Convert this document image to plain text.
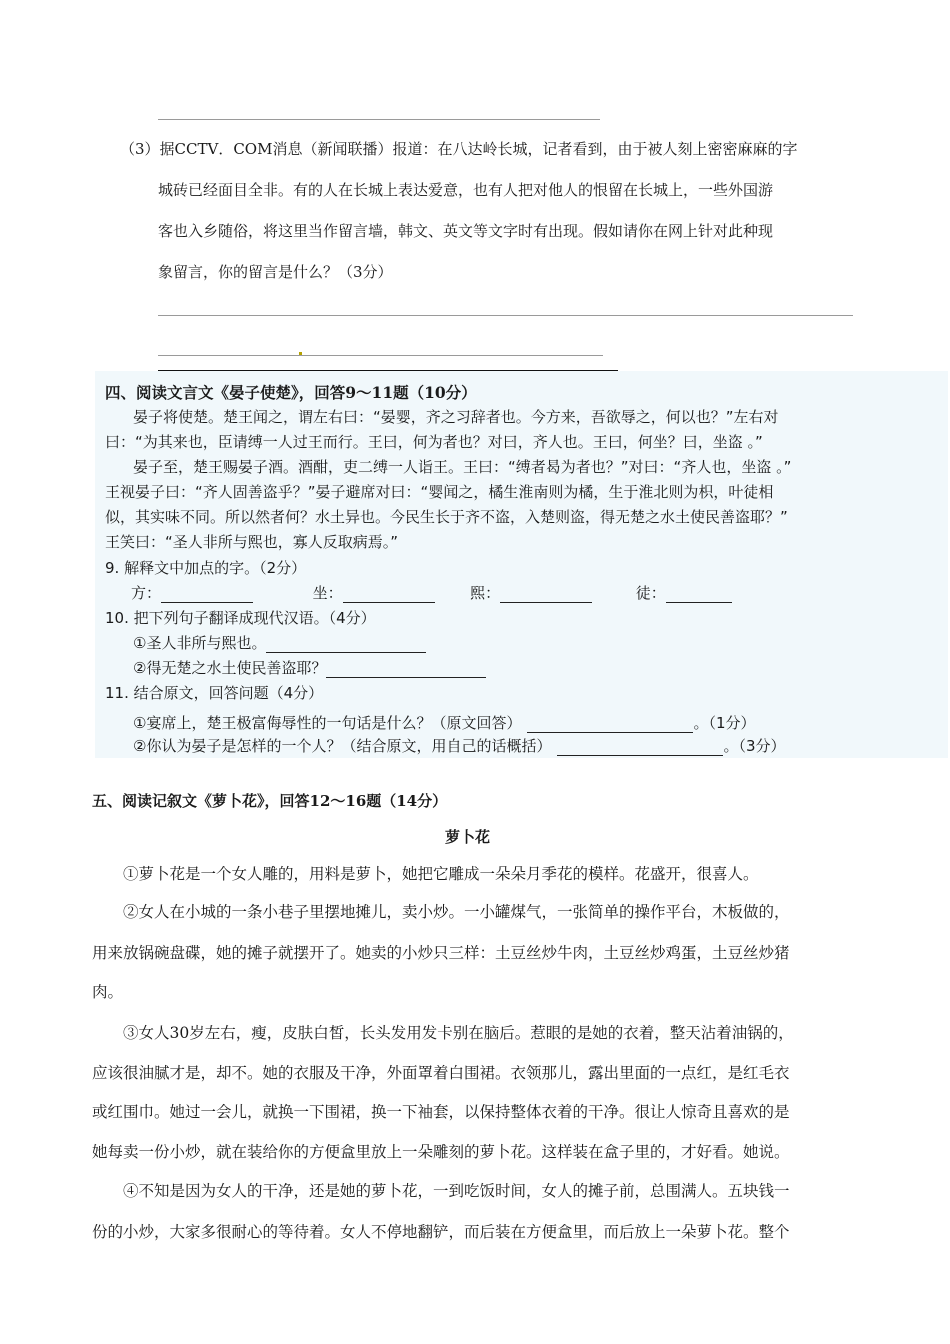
（3）据CCTV．COM消息（新闻联播）报道：在八达岭长城，记者看到，由于被人刻上密密麻麻的字
城砖已经面目全非。有的人在长城上表达爱意，也有人把对他人的恨留在长城上，一些外国游
客也入乡随俗，将这里当作留言墙，韩文、英文等文字时有出现。假如请你在网上针对此种现
象留言，你的留言是什么？（3分）
四、阅读文言文《晏子使楚》，回答9～11题（10分）
晏子将使楚。楚王闻之，谓左右曰：“晏婴，齐之习辞者也。今方来，吾欲辱之，何以也？”左右对
曰：“为其来也，臣请缚一人过王而行。王曰，何为者也？对曰，齐人也。王曰，何坐？曰，坐盗 。”
晏子至，楚王赐晏子酒。酒酣，吏二缚一人诣王。王曰：“缚者曷为者也？”对曰：“齐人也，坐盗 。”
王视晏子曰：“齐人固善盗乎？”晏子避席对曰：“婴闻之，橘生淮南则为橘，生于淮北则为枳，叶徒相
似，其实味不同。所以然者何？水土异也。今民生长于齐不盗，入楚则盗，得无楚之水土使民善盗耶？”
王笑曰：“圣人非所与熙也，寡人反取病焉。”
9. 解释文中加点的字。（2分）
方：	坐：	熙：	徒：
10. 把下列句子翻译成现代汉语。（4分）
①圣人非所与熙也。
②得无楚之水土使民善盗耶？
11. 结合原文，回答问题（4分）
①宴席上，楚王极富侮辱性的一句话是什么？（原文回答）	。（1分）
②你认为晏子是怎样的一个人？（结合原文，用自己的话概括）	。（3分）
五、阅读记叙文《萝卜花》，回答12～16题（14分）
萝卜花
①萝卜花是一个女人雕的，用料是萝卜，她把它雕成一朵朵月季花的模样。花盛开，很喜人。
②女人在小城的一条小巷子里摆地摊儿，卖小炒。一小罐煤气，一张简单的操作平台，木板做的，
用来放锅碗盘碟，她的摊子就摆开了。她卖的小炒只三样：土豆丝炒牛肉，土豆丝炒鸡蛋，土豆丝炒猪
肉。
③女人30岁左右，瘦，皮肤白皙，长头发用发卡别在脑后。惹眼的是她的衣着，整天沾着油锅的，
应该很油腻才是，却不。她的衣服及干净，外面罩着白围裙。衣领那儿，露出里面的一点红，是红毛衣
或红围巾。她过一会儿，就换一下围裙，换一下袖套，以保持整体衣着的干净。很让人惊奇且喜欢的是
她每卖一份小炒，就在装给你的方便盒里放上一朵雕刻的萝卜花。这样装在盒子里的，才好看。她说。
④不知是因为女人的干净，还是她的萝卜花，一到吃饭时间，女人的摊子前，总围满人。五块钱一
份的小炒，大家多很耐心的等待着。女人不停地翻铲，而后装在方便盒里，而后放上一朵萝卜花。整个
